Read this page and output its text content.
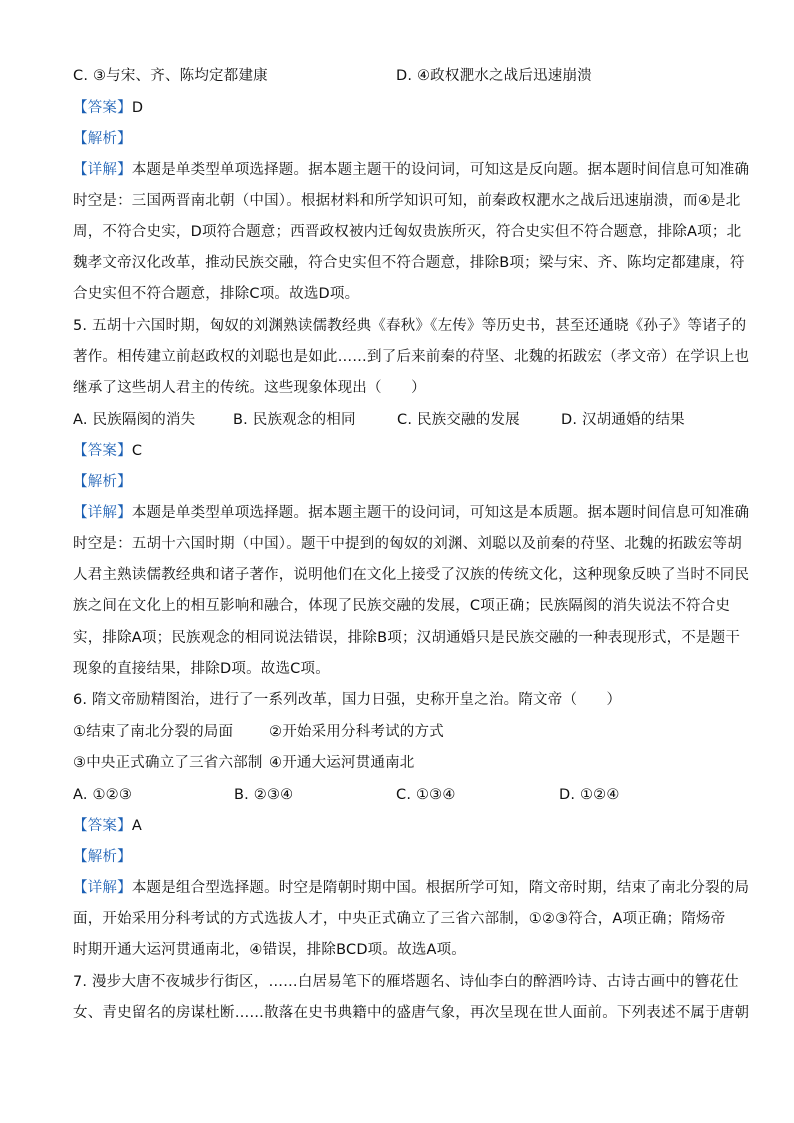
C. ③与宋、齐、陈均定都建康	D. ④政权淝水之战后迅速崩溃
【答案】D
【解析】
【详解】本题是单类型单项选择题。据本题主题干的设问词，可知这是反向题。据本题时间信息可知准确
时空是：三国两晋南北朝（中国）。根据材料和所学知识可知，前秦政权淝水之战后迅速崩溃，而④是北
周，不符合史实，D项符合题意；西晋政权被内迁匈奴贵族所灭，符合史实但不符合题意，排除A项；北
魏孝文帝汉化改革，推动民族交融，符合史实但不符合题意，排除B项；梁与宋、齐、陈均定都建康，符
合史实但不符合题意，排除C项。故选D项。
5. 五胡十六国时期，匈奴的刘渊熟读儒教经典《春秋》《左传》等历史书，甚至还通晓《孙子》等诸子的
著作。相传建立前赵政权的刘聪也是如此……到了后来前秦的苻坚、北魏的拓跋宏（孝文帝）在学识上也
继承了这些胡人君主的传统。这些现象体现出（　　）
A. 民族隔阂的消失	B. 民族观念的相同	C. 民族交融的发展	D. 汉胡通婚的结果
【答案】C
【解析】
【详解】本题是单类型单项选择题。据本题主题干的设问词，可知这是本质题。据本题时间信息可知准确
时空是：五胡十六国时期（中国）。题干中提到的匈奴的刘渊、刘聪以及前秦的苻坚、北魏的拓跋宏等胡
人君主熟读儒教经典和诸子著作，说明他们在文化上接受了汉族的传统文化，这种现象反映了当时不同民
族之间在文化上的相互影响和融合，体现了民族交融的发展，C项正确；民族隔阂的消失说法不符合史
实，排除A项；民族观念的相同说法错误，排除B项；汉胡通婚只是民族交融的一种表现形式，不是题干
现象的直接结果，排除D项。故选C项。
6. 隋文帝励精图治，进行了一系列改革，国力日强，史称开皇之治。隋文帝（　　）
①结束了南北分裂的局面 ②开始采用分科考试的方式
③中央正式确立了三省六部制 ④开通大运河贯通南北
A. ①②③	B. ②③④	C. ①③④	D. ①②④
【答案】A
【解析】
【详解】本题是组合型选择题。时空是隋朝时期中国。根据所学可知，隋文帝时期，结束了南北分裂的局
面，开始采用分科考试的方式选拔人才，中央正式确立了三省六部制，①②③符合，A项正确；隋炀帝
时期开通大运河贯通南北，④错误，排除BCD项。故选A项。
7. 漫步大唐不夜城步行街区，……白居易笔下的雁塔题名、诗仙李白的醉酒吟诗、古诗古画中的簪花仕
女、青史留名的房谋杜断……散落在史书典籍中的盛唐气象，再次呈现在世人面前。下列表述不属于唐朝
